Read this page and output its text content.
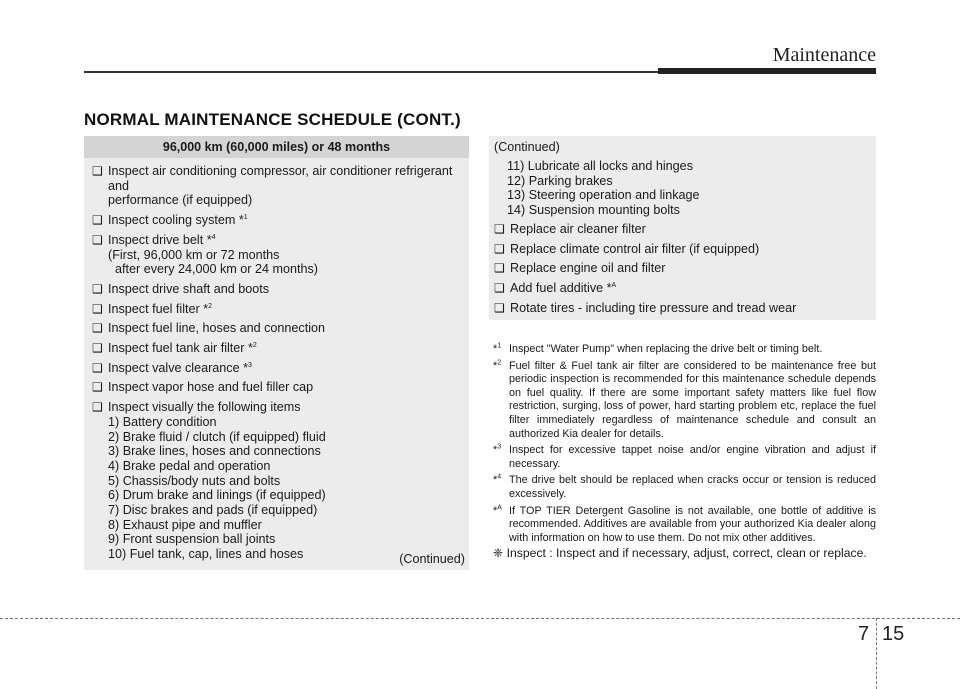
Maintenance
NORMAL MAINTENANCE SCHEDULE (CONT.)
96,000 km (60,000 miles) or 48 months
❑ Inspect air conditioning compressor, air conditioner refrigerant and
performance (if equipped)
❑ Inspect cooling system *$^1$
❑ Inspect drive belt *$^4$
(First, 96,000 km or 72 months
after every 24,000 km or 24 months)
❑ Inspect drive shaft and boots
❑ Inspect fuel filter *$^2$
❑ Inspect fuel line, hoses and connection
❑ Inspect fuel tank air filter *$^2$
❑ Inspect valve clearance *$^3$
❑ Inspect vapor hose and fuel filler cap
❑ Inspect visually the following items
1) Battery condition
2) Brake fluid / clutch (if equipped) fluid
3) Brake lines, hoses and connections
4) Brake pedal and operation
5) Chassis/body nuts and bolts
6) Drum brake and linings (if equipped)
7) Disc brakes and pads (if equipped)
8) Exhaust pipe and muffler
9) Front suspension ball joints
10) Fuel tank, cap, lines and hoses	(Continued)
(Continued)
11) Lubricate all locks and hinges
12) Parking brakes
13) Steering operation and linkage
14) Suspension mounting bolts
❑ Replace air cleaner filter
❑ Replace climate control air filter (if equipped)
❑ Replace engine oil and filter
❑ Add fuel additive *$^A$
❑ Rotate tires - including tire pressure and tread wear
*$^1$ Inspect "Water Pump" when replacing the drive belt or timing belt.
*$^2$ Fuel filter & Fuel tank air filter are considered to be maintenance free but periodic inspection is recommended for this maintenance schedule depends on fuel quality. If there are some important safety matters like fuel flow restriction, surging, loss of power, hard starting problem etc, replace the fuel filter immediately regardless of maintenance schedule and consult an authorized Kia dealer for details.
*$^3$ Inspect for excessive tappet noise and/or engine vibration and adjust if necessary.
*$^4$ The drive belt should be replaced when cracks occur or tension is reduced excessively.
*$^A$ If TOP TIER Detergent Gasoline is not available, one bottle of additive is recommended. Additives are available from your authorized Kia dealer along with information on how to use them. Do not mix other additives.
❈ Inspect : Inspect and if necessary, adjust, correct, clean or replace.
7 15
